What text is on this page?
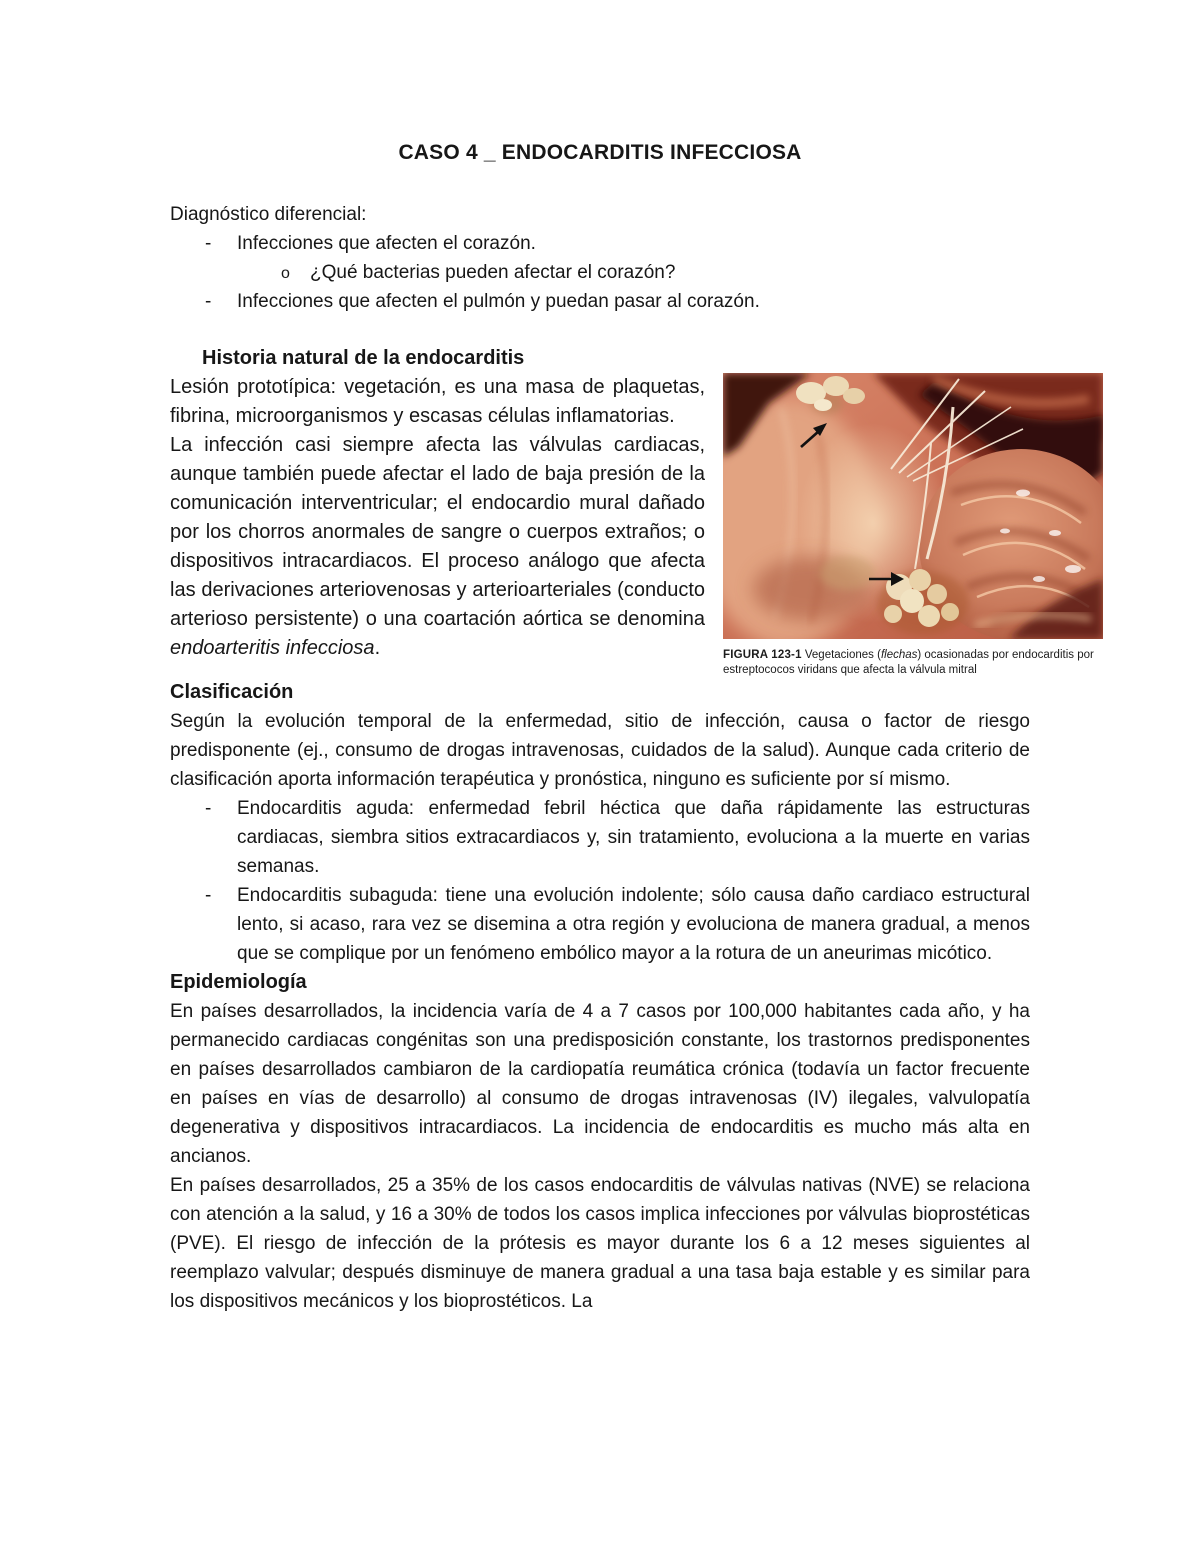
CASO 4 _ ENDOCARDITIS INFECCIOSA

Diagnóstico diferencial:

- Infecciones que afecten el corazón.
o ¿Qué bacterias pueden afectar el corazón?
- Infecciones que afecten el pulmón y puedan pasar al corazón.
Historia natural de la endocarditis

Lesión prototípica: vegetación, es una masa de plaquetas, fibrina, microorganismos y escasas células inflamatorias.

La infección casi siempre afecta las válvulas cardiacas, aunque también puede afectar el lado de baja presión de la comunicación interventricular; el endocardio mural dañado por los chorros anormales de sangre o cuerpos extraños; o dispositivos intracardiacos. El proceso análogo que afecta las derivaciones arteriovenosas y arterioarteriales (conducto arterioso persistente) o una coartación aórtica se denomina endoarteritis infecciosa.	FIGURA 123-1 Vegetaciones (flechas) ocasionadas por endocarditis por estreptococos viridans que afecta la válvula mitral
Clasificación

Según la evolución temporal de la enfermedad, sitio de infección, causa o factor de riesgo predisponente (ej., consumo de drogas intravenosas, cuidados de la salud). Aunque cada criterio de clasificación aporta información terapéutica y pronóstica, ninguno es suficiente por sí mismo.

- Endocarditis aguda: enfermedad febril héctica que daña rápidamente las estructuras cardiacas, siembra sitios extracardiacos y, sin tratamiento, evoluciona a la muerte en varias semanas.
- Endocarditis subaguda: tiene una evolución indolente; sólo causa daño cardiaco estructural lento, si acaso, rara vez se disemina a otra región y evoluciona de manera gradual, a menos que se complique por un fenómeno embólico mayor a la rotura de un aneurimas micótico.
Epidemiología

En países desarrollados, la incidencia varía de 4 a 7 casos por 100,000 habitantes cada año, y ha permanecido cardiacas congénitas son una predisposición constante, los trastornos predisponentes en países desarrollados cambiaron de la cardiopatía reumática crónica (todavía un factor frecuente en países en vías de desarrollo) al consumo de drogas intravenosas (IV) ilegales, valvulopatía degenerativa y dispositivos intracardiacos. La incidencia de endocarditis es mucho más alta en ancianos.

En países desarrollados, 25 a 35% de los casos endocarditis de válvulas nativas (NVE) se relaciona con atención a la salud, y 16 a 30% de todos los casos implica infecciones por válvulas bioprostéticas (PVE). El riesgo de infección de la prótesis es mayor durante los 6 a 12 meses siguientes al reemplazo valvular; después disminuye de manera gradual a una tasa baja estable y es similar para los dispositivos mecánicos y los bioprostéticos. La
